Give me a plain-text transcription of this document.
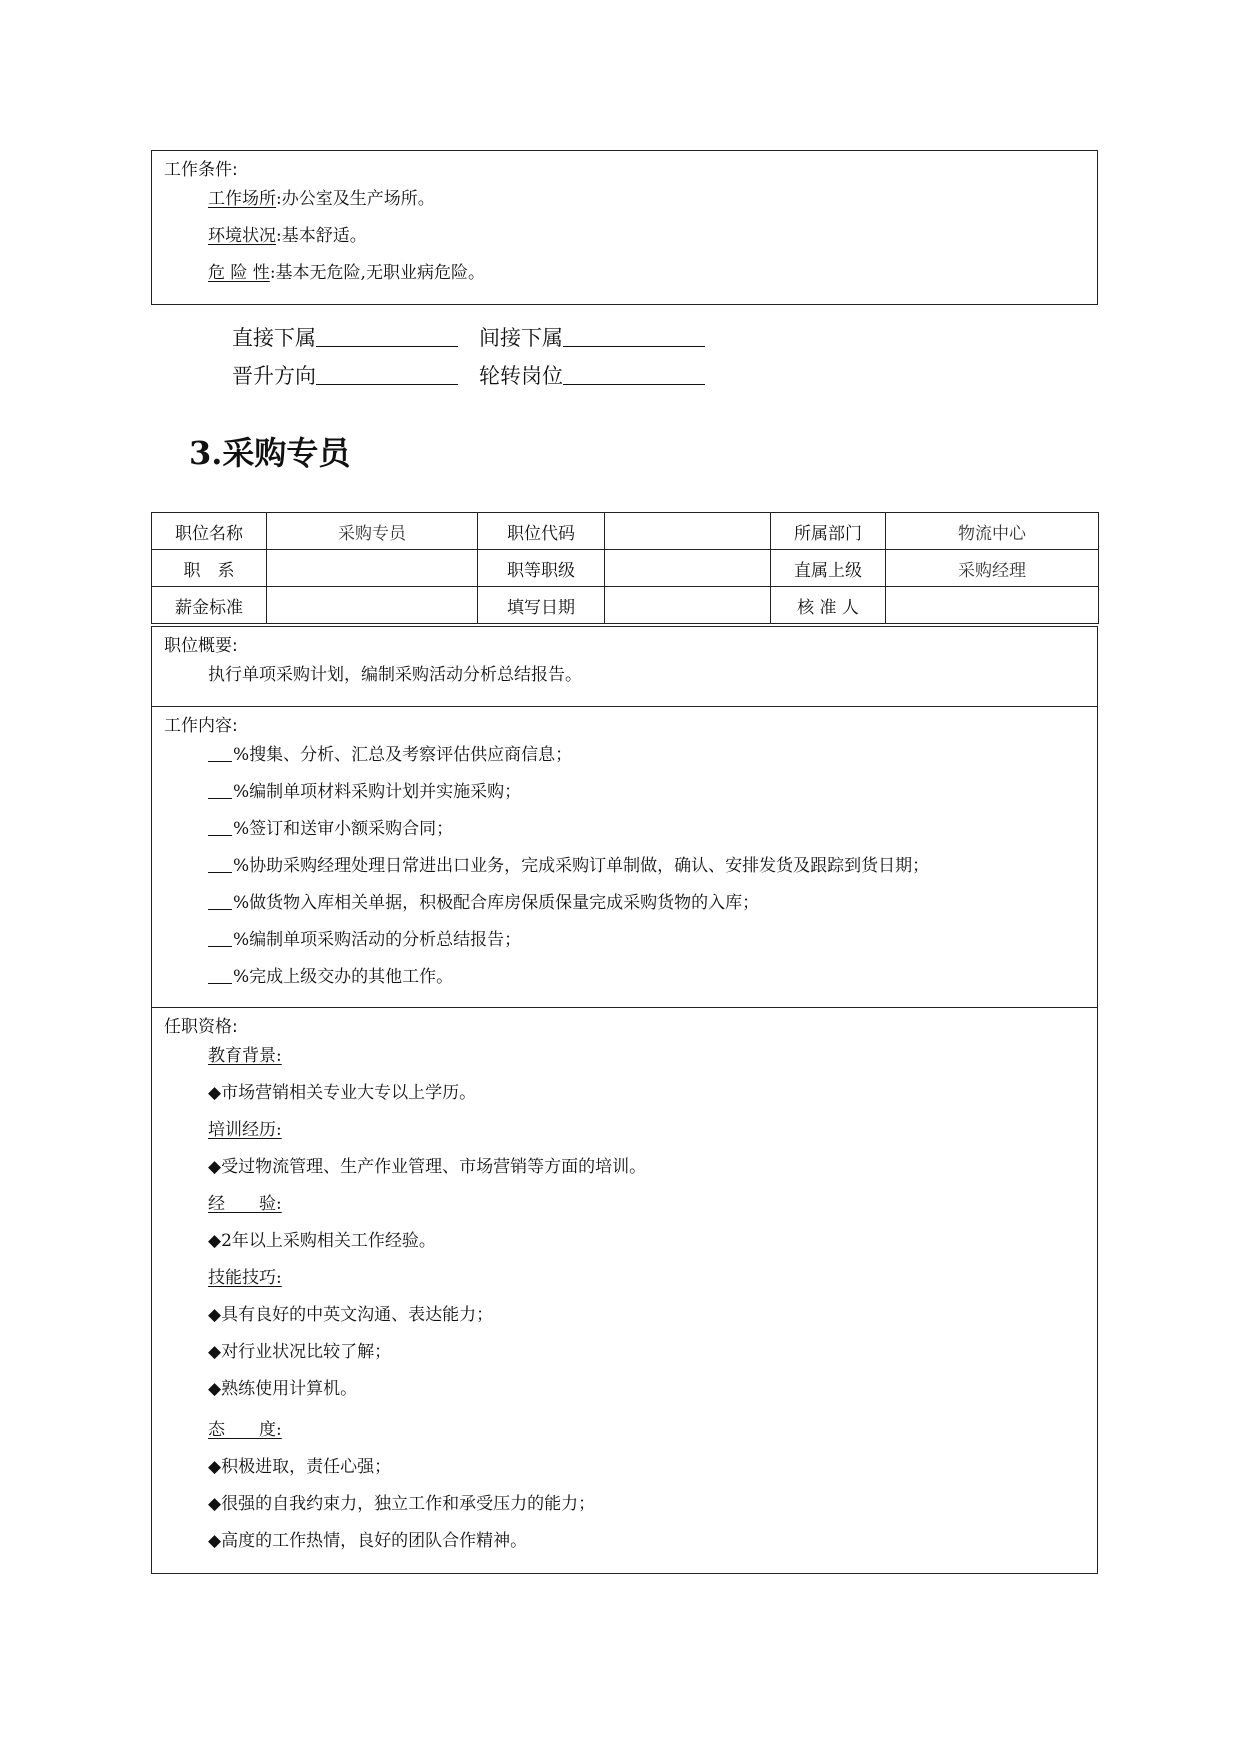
工作条件:
工作场所:办公室及生产场所。
环境状况:基本舒适。
危 险 性:基本无危险,无职业病危险。
直接下属	间接下属
晋升方向	轮转岗位
3.采购专员
职位名称	采购专员	职位代码		所属部门	物流中心
职　系		职等职级		直属上级	采购经理
薪金标准		填写日期		核 准 人	
职位概要:
执行单项采购计划，编制采购活动分析总结报告。
工作内容:
%搜集、分析、汇总及考察评估供应商信息；
%编制单项材料采购计划并实施采购；
%签订和送审小额采购合同；
%协助采购经理处理日常进出口业务，完成采购订单制做，确认、安排发货及跟踪到货日期；
%做货物入库相关单据，积极配合库房保质保量完成采购货物的入库；
%编制单项采购活动的分析总结报告；
%完成上级交办的其他工作。
任职资格:
教育背景:
◆市场营销相关专业大专以上学历。
培训经历:
◆受过物流管理、生产作业管理、市场营销等方面的培训。
经　　验:
◆2年以上采购相关工作经验。
技能技巧:
◆具有良好的中英文沟通、表达能力；
◆对行业状况比较了解；
◆熟练使用计算机。
态　　度:
◆积极进取，责任心强；
◆很强的自我约束力，独立工作和承受压力的能力；
◆高度的工作热情，良好的团队合作精神。
